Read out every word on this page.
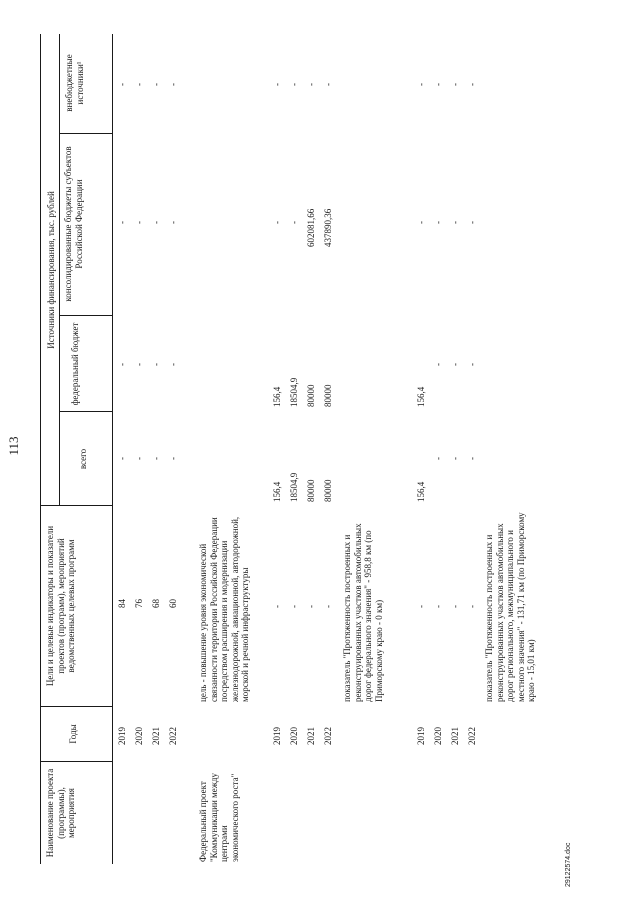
113
29122574.doc
Наименование проекта (программы), мероприятия
Годы
Цели и целевые индикаторы и показатели проектов (программ), мероприятий ведомственных целевых программ
Источники финансирования, тыс. рублей
всего
федеральный бюджет
консолидированные бюджеты субъектов Российской Федерации
внебюджетные источники¹
2019 2020 2021 2022
84 76 68 60
- - - -
- - - -
- - - -
- - - -
Федеральный проект "Коммуникации между центрами экономического роста"
цель - повышение уровня экономической связанности территории Российской Федерации посредством расширения и модернизации железнодорожной, авиационной, автодорожной, морской и речной инфраструктуры
2019 2020 2021 2022
- - - -
156,4 18504,9 80000 80000
156,4 18504,9 80000 80000
- - 602081,66 437890,36
- - - -
показатель "Протяженность построенных и реконструированных участков автомобильных дорог федерального значения" - 958,8 км (по Приморскому краю - 0 км)
2019 2020 2021 2022
- - - -
156,4
- - -
156,4
- - -
- - - -
- - - -
показатель "Протяженность построенных и реконструированных участков автомобильных дорог регионального, межмуниципального и местного значения" - 131,71 км (по Приморскому краю - 15,01 км)
